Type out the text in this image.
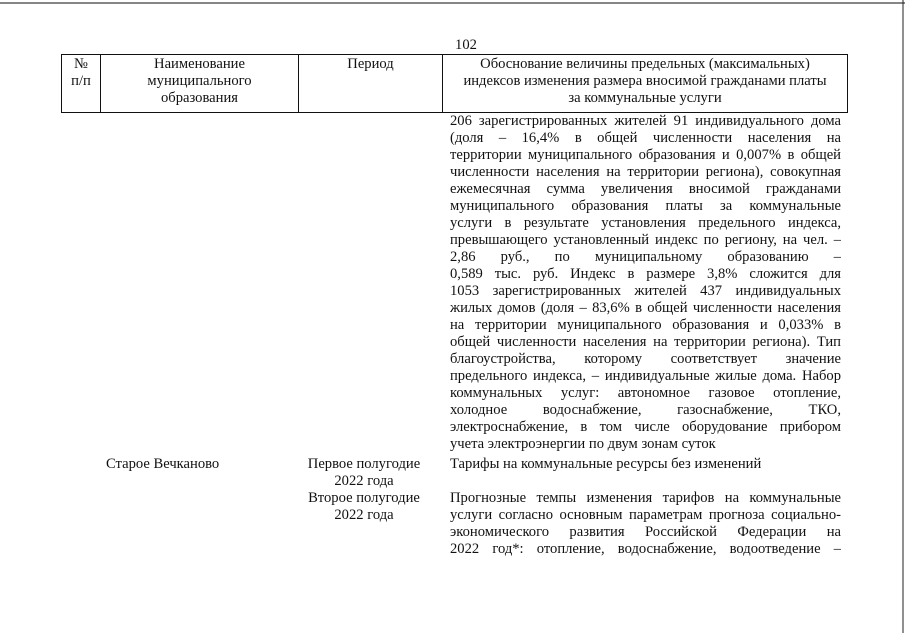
102
№
п/п
Наименование
муниципального
образования
Период	Обоснование величины предельных (максимальных)
индексов изменения размера вносимой гражданами платы
за коммунальные услуги
206 зарегистрированных жителей 91 индивидуального дома
(доля – 16,4% в общей численности населения на
территории муниципального образования и 0,007% в общей
численности населения на территории региона), совокупная
ежемесячная сумма увеличения вносимой гражданами
муниципального образования платы за коммунальные
услуги в результате установления предельного индекса,
превышающего установленный индекс по региону, на чел. –
2,86 руб., по муниципальному образованию –
0,589 тыс. руб. Индекс в размере 3,8% сложится для
1053 зарегистрированных жителей 437 индивидуальных
жилых домов (доля – 83,6% в общей численности населения
на территории муниципального образования и 0,033% в
общей численности населения на территории региона). Тип
благоустройства, которому соответствует значение
предельного индекса, – индивидуальные жилые дома. Набор
коммунальных услуг: автономное газовое отопление,
холодное водоснабжение, газоснабжение, ТКО,
электроснабжение, в том числе оборудование прибором
учета электроэнергии по двум зонам суток
Старое Вечканово	Первое полугодие
2022 года
Тарифы на коммунальные ресурсы без изменений
Второе полугодие
2022 года
Прогнозные темпы изменения тарифов на коммунальные
услуги согласно основным параметрам прогноза социально-
экономического развития Российской Федерации на
2022 год*: отопление, водоснабжение, водоотведение –
